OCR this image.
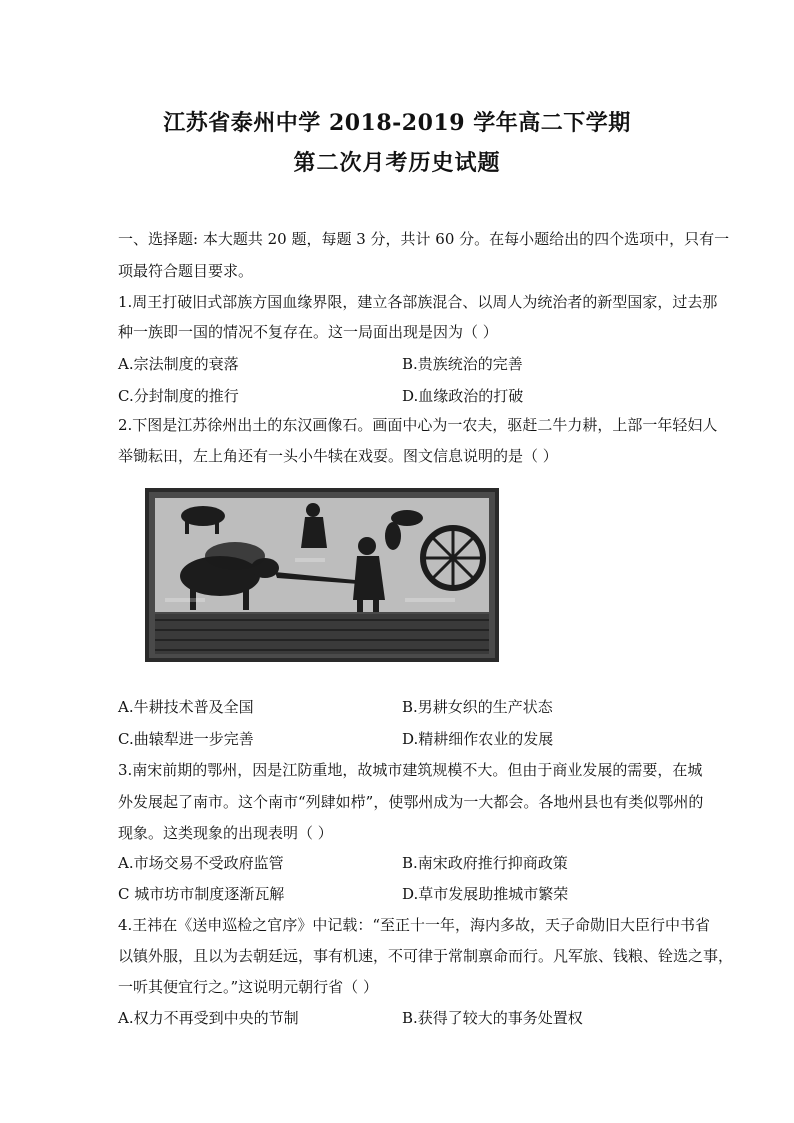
江苏省泰州中学 2018-2019 学年高二下学期
第二次月考历史试题
一、选择题: 本大题共 20 题，每题 3 分，共计 60 分。在每小题给出的四个选项中，只有一
项最符合题目要求。
1.周王打破旧式部族方国血缘界限，建立各部族混合、以周人为统治者的新型国家，过去那
种一族即一国的情况不复存在。这一局面出现是因为（ ）
A.宗法制度的衰落	B.贵族统治的完善
C.分封制度的推行	D.血缘政治的打破
2.下图是江苏徐州出土的东汉画像石。画面中心为一农夫，驱赶二牛力耕，上部一年轻妇人
举锄耘田，左上角还有一头小牛犊在戏耍。图文信息说明的是（ ）
A.牛耕技术普及全国	B.男耕女织的生产状态
C.曲辕犁进一步完善	D.精耕细作农业的发展
3.南宋前期的鄂州，因是江防重地，故城市建筑规模不大。但由于商业发展的需要，在城
外发展起了南市。这个南市“列肆如栉”，使鄂州成为一大都会。各地州县也有类似鄂州的
现象。这类现象的出现表明（ ）
A.市场交易不受政府监管	B.南宋政府推行抑商政策
C 城市坊市制度逐渐瓦解	D.草市发展助推城市繁荣
4.王祎在《送申巡检之官序》中记载：“至正十一年，海内多故，天子命勋旧大臣行中书省
以镇外服，且以为去朝廷远，事有机速，不可律于常制禀命而行。凡军旅、钱粮、铨选之事，
一听其便宜行之。”这说明元朝行省（ ）
A.权力不再受到中央的节制	B.获得了较大的事务处置权
